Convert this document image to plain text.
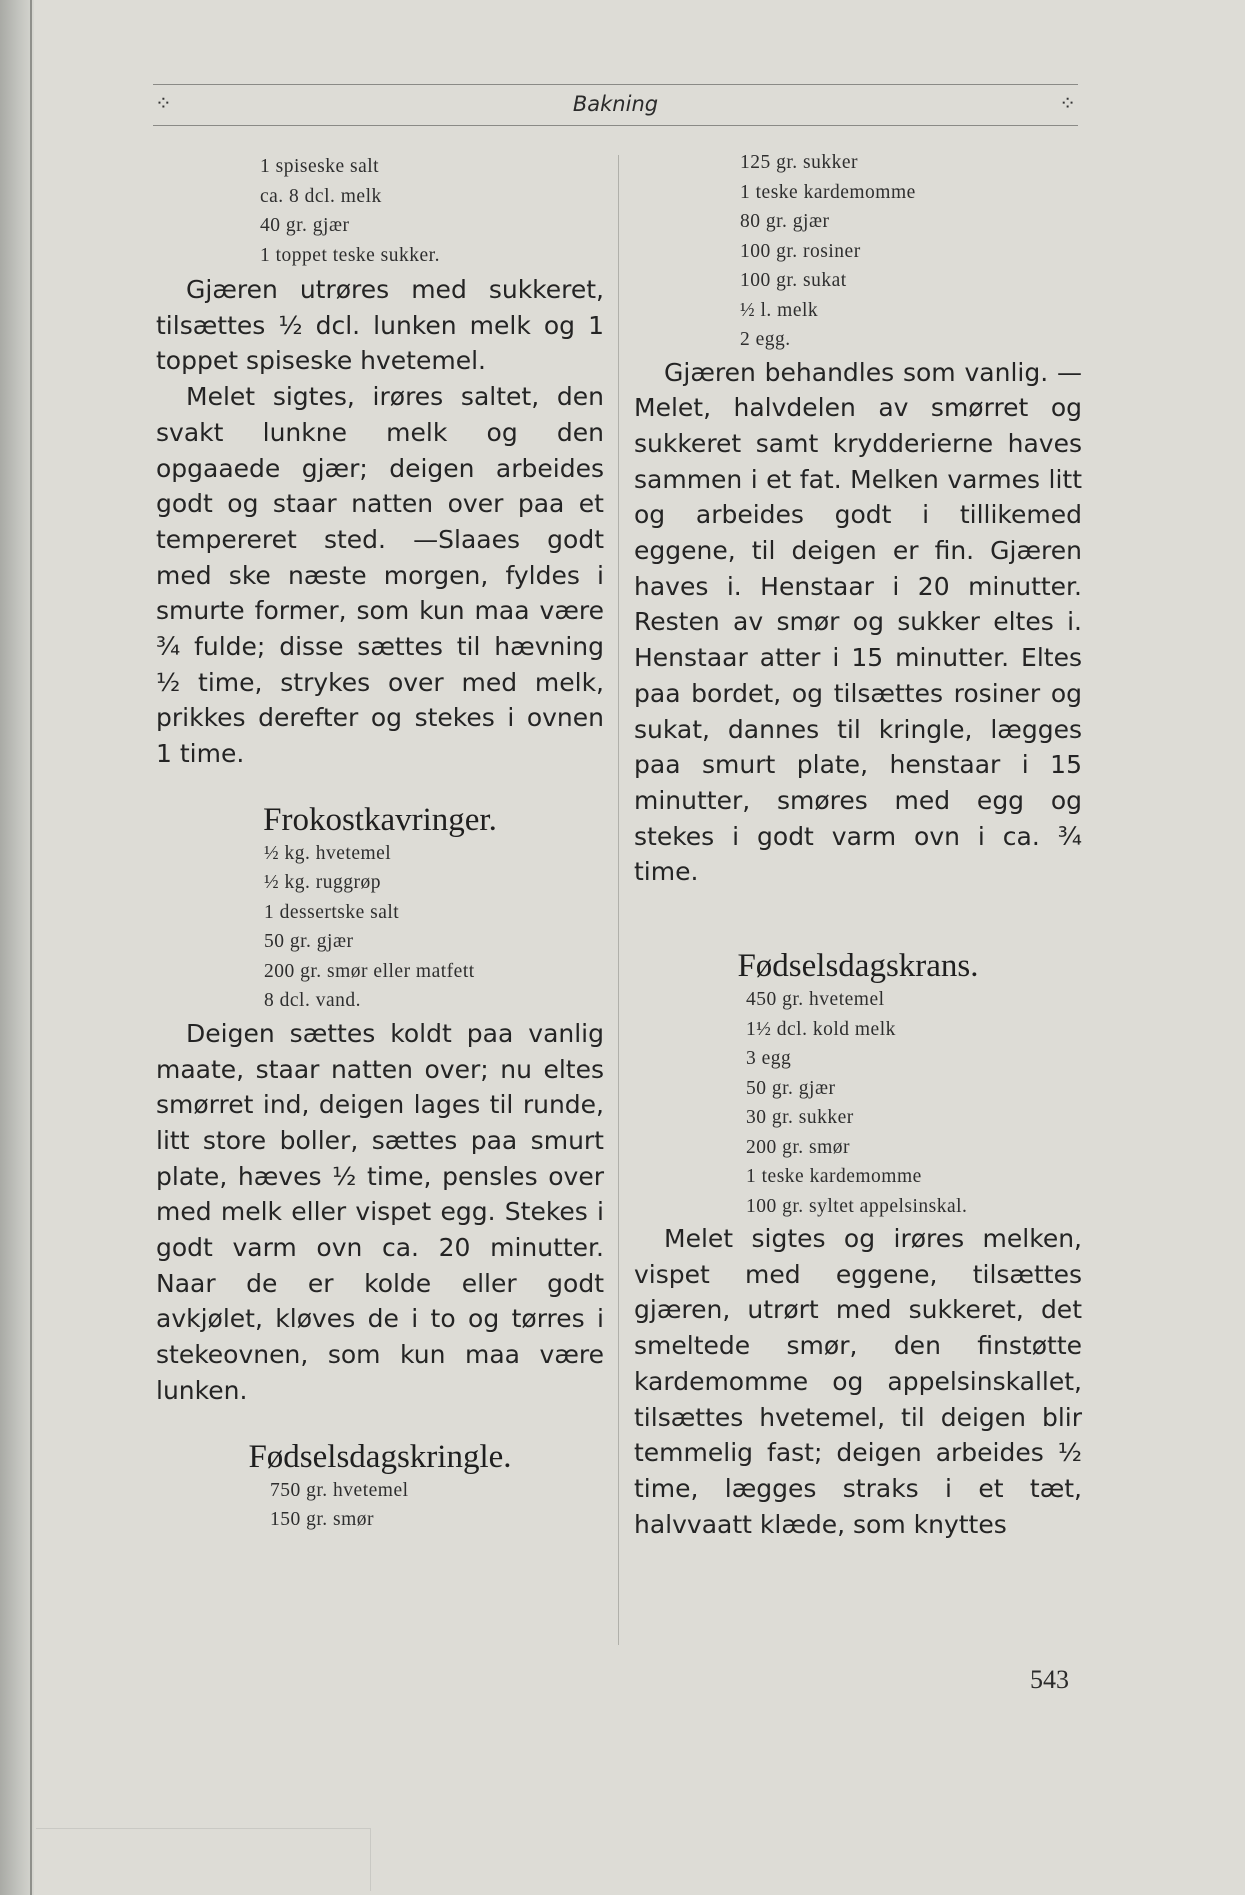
⁘	Bakning	⁘
1 spiseske salt
ca. 8 dcl. melk
40 gr. gjær
1 toppet teske sukker.

Gjæren utrøres med sukkeret, tilsættes ½ dcl. lunken melk og 1 toppet spiseske hvetemel.

Melet sigtes, irøres saltet, den svakt lunkne melk og den opgaaede gjær; deigen arbeides godt og staar natten over paa et tempereret sted. —Slaaes godt med ske næste morgen, fyldes i smurte former, som kun maa være ¾ fulde; disse sættes til hævning ½ time, strykes over med melk, prikkes derefter og stekes i ovnen 1 time.

Frokostkavringer.
½ kg. hvetemel
½ kg. ruggrøp
1 dessertske salt
50 gr. gjær
200 gr. smør eller matfett
8 dcl. vand.

Deigen sættes koldt paa vanlig maate, staar natten over; nu eltes smørret ind, deigen lages til runde, litt store boller, sættes paa smurt plate, hæves ½ time, pensles over med melk eller vispet egg. Stekes i godt varm ovn ca. 20 minutter. Naar de er kolde eller godt avkjølet, kløves de i to og tørres i stekeovnen, som kun maa være lunken.

Fødselsdagskringle.
750 gr. hvetemel
150 gr. smør
125 gr. sukker
1 teske kardemomme
80 gr. gjær
100 gr. rosiner
100 gr. sukat
½ l. melk
2 egg.

Gjæren behandles som vanlig. — Melet, halvdelen av smørret og sukkeret samt krydderierne haves sammen i et fat. Melken varmes litt og arbeides godt i tillikemed eggene, til deigen er fin. Gjæren haves i. Henstaar i 20 minutter. Resten av smør og sukker eltes i. Henstaar atter i 15 minutter. Eltes paa bordet, og tilsættes rosiner og sukat, dannes til kringle, lægges paa smurt plate, henstaar i 15 minutter, smøres med egg og stekes i godt varm ovn i ca. ¾ time.

Fødselsdagskrans.
450 gr. hvetemel
1½ dcl. kold melk
3 egg
50 gr. gjær
30 gr. sukker
200 gr. smør
1 teske kardemomme
100 gr. syltet appelsinskal.

Melet sigtes og irøres melken, vispet med eggene, tilsættes gjæren, utrørt med sukkeret, det smeltede smør, den finstøtte kardemomme og appelsinskallet, tilsættes hvetemel, til deigen blir temmelig fast; deigen arbeides ½ time, lægges straks i et tæt, halvvaatt klæde, som knyttes

543
